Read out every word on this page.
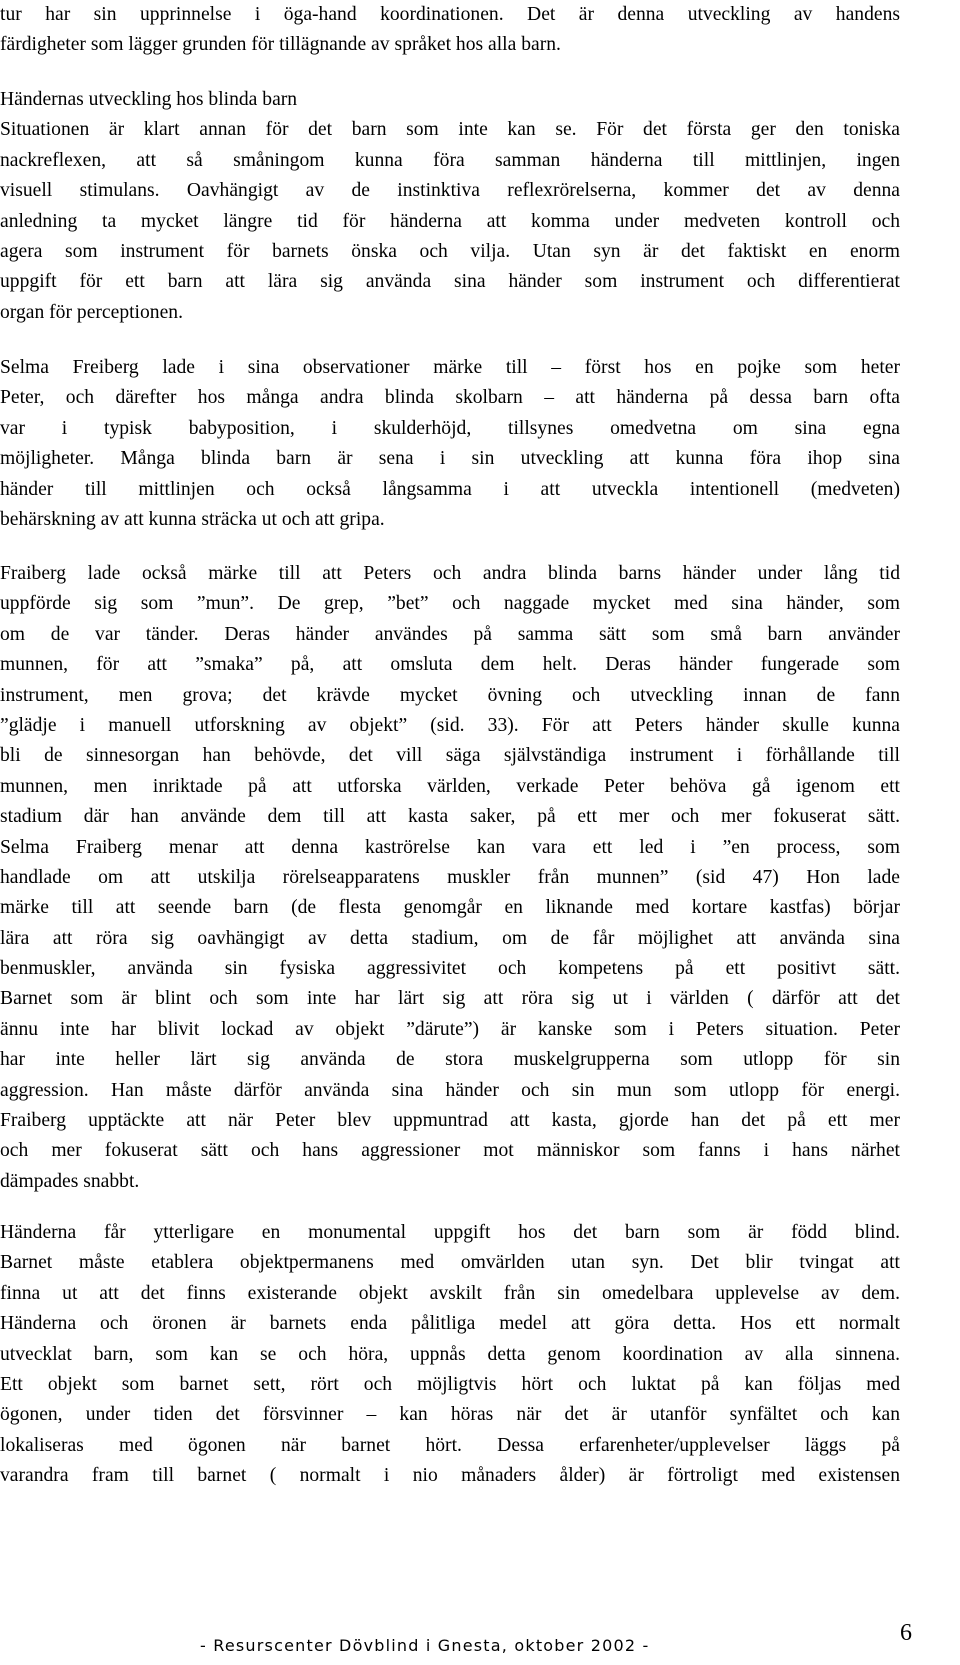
tur har sin upprinnelse i öga-hand koordinationen. Det är denna utveckling av handens
färdigheter som lägger grunden för tillägnande av språket hos alla barn.
Händernas utveckling hos blinda barn
Situationen är klart annan för det barn som inte kan se. För det första ger den toniska
nackreflexen, att så småningom kunna föra samman händerna till mittlinjen, ingen
visuell stimulans. Oavhängigt av de instinktiva reflexrörelserna, kommer det av denna
anledning ta mycket längre tid för händerna att komma under medveten kontroll och
agera som instrument för barnets önska och vilja. Utan syn är det faktiskt en enorm
uppgift för ett barn att lära sig använda sina händer som instrument och differentierat
organ för perceptionen.
Selma Freiberg lade i sina observationer märke till – först hos en pojke som heter
Peter, och därefter hos många andra blinda skolbarn – att händerna på dessa barn ofta
var i typisk babyposition, i skulderhöjd, tillsynes omedvetna om sina egna
möjligheter. Många blinda barn är sena i sin utveckling att kunna föra ihop sina
händer till mittlinjen och också långsamma i att utveckla intentionell (medveten)
behärskning av att kunna sträcka ut och att gripa.
Fraiberg lade också märke till att Peters och andra blinda barns händer under lång tid
uppförde sig som ”mun”. De grep, ”bet” och naggade mycket med sina händer, som
om de var tänder. Deras händer användes på samma sätt som små barn använder
munnen, för att ”smaka” på, att omsluta dem helt. Deras händer fungerade som
instrument, men grova; det krävde mycket övning och utveckling innan de fann
”glädje i manuell utforskning av objekt” (sid. 33). För att Peters händer skulle kunna
bli de sinnesorgan han behövde, det vill säga självständiga instrument i förhållande till
munnen, men inriktade på att utforska världen, verkade Peter behöva gå igenom ett
stadium där han använde dem till att kasta saker, på ett mer och mer fokuserat sätt.
Selma Fraiberg menar att denna kaströrelse kan vara ett led i ”en process, som
handlade om att utskilja rörelseapparatens muskler från munnen” (sid 47) Hon lade
märke till att seende barn (de flesta genomgår en liknande med kortare kastfas) börjar
lära att röra sig oavhängigt av detta stadium, om de får möjlighet att använda sina
benmuskler, använda sin fysiska aggressivitet och kompetens på ett positivt sätt.
Barnet som är blint och som inte har lärt sig att röra sig ut i världen ( därför att det
ännu inte har blivit lockad av objekt ”därute”) är kanske som i Peters situation. Peter
har inte heller lärt sig använda de stora muskelgrupperna som utlopp för sin
aggression. Han måste därför använda sina händer och sin mun som utlopp för energi.
Fraiberg upptäckte att när Peter blev uppmuntrad att kasta, gjorde han det på ett mer
och mer fokuserat sätt och hans aggressioner mot människor som fanns i hans närhet
dämpades snabbt.
Händerna får ytterligare en monumental uppgift hos det barn som är född blind.
Barnet måste etablera objektpermanens med omvärlden utan syn. Det blir tvingat att
finna ut att det finns existerande objekt avskilt från sin omedelbara upplevelse av dem.
Händerna och öronen är barnets enda pålitliga medel att göra detta. Hos ett normalt
utvecklat barn, som kan se och höra, uppnås detta genom koordination av alla sinnena.
Ett objekt som barnet sett, rört och möjligtvis hört och luktat på kan följas med
ögonen, under tiden det försvinner – kan höras när det är utanför synfältet och kan
lokaliseras med ögonen när barnet hört. Dessa erfarenheter/upplevelser läggs på
varandra fram till barnet ( normalt i nio månaders ålder) är förtroligt med existensen
- Resurscenter Dövblind i Gnesta, oktober 2002 -	6
